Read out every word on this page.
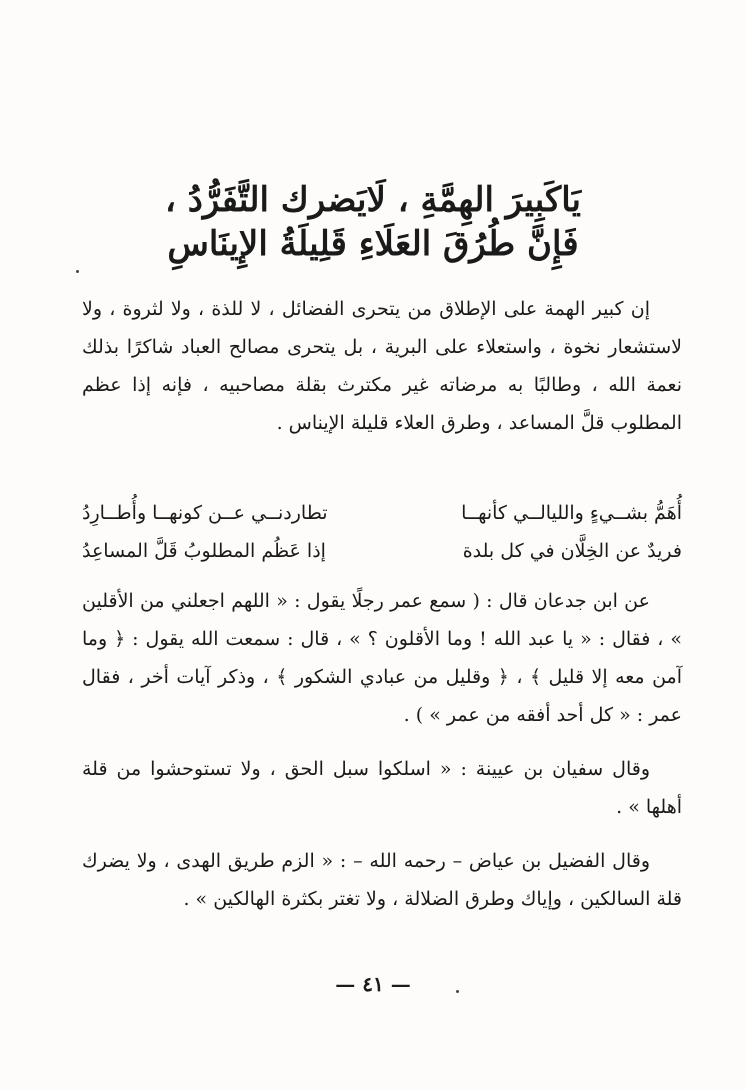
يَاكَبِيرَ الهِمَّةِ ، لَايَضرك التَّفَرُّدُ ،
فَإِنَّ طُرُقَ العَلَاءِ قَلِيلَةُ الإِينَاسِ
إن كبير الهمة على الإطلاق من يتحرى الفضائل ، لا للذة ، ولا لثروة ، ولا لاستشعار نخوة ، واستعلاء على البرية ، بل يتحرى مصالح العباد شاكرًا بذلك نعمة الله ، وطالبًا به مرضاته غير مكترث بقلة مصاحبيه ، فإنه إذا عظم المطلوب قلَّ المساعد ، وطرق العلاء قليلة الإيناس .
أُهَمُّ بشــيءٍ والليالــي كأنهــا
تطاردنــي عــن كونهــا وأُطــارِدُ
فريدٌ عن الخِلَّان في كل بلدة
إذا عَظُم المطلوبُ قَلَّ المساعِدُ
عن ابن جدعان قال : ( سمع عمر رجلًا يقول : « اللهم اجعلني من الأقلين » ، فقال : « يا عبد الله ! وما الأقلون ؟ » ، قال : سمعت الله يقول : ﴿ وما آمن معه إلا قليل ﴾ ، ﴿ وقليل من عبادي الشكور ﴾ ، وذكر آيات أخر ، فقال عمر : « كل أحد أفقه من عمر » ) .
وقال سفيان بن عيينة : « اسلكوا سبل الحق ، ولا تستوحشوا من قلة أهلها » .
وقال الفضيل بن عياض – رحمه الله – : « الزم طريق الهدى ، ولا يضرك قلة السالكين ، وإياك وطرق الضلالة ، ولا تغتر بكثرة الهالكين » .
— ٤١ —
